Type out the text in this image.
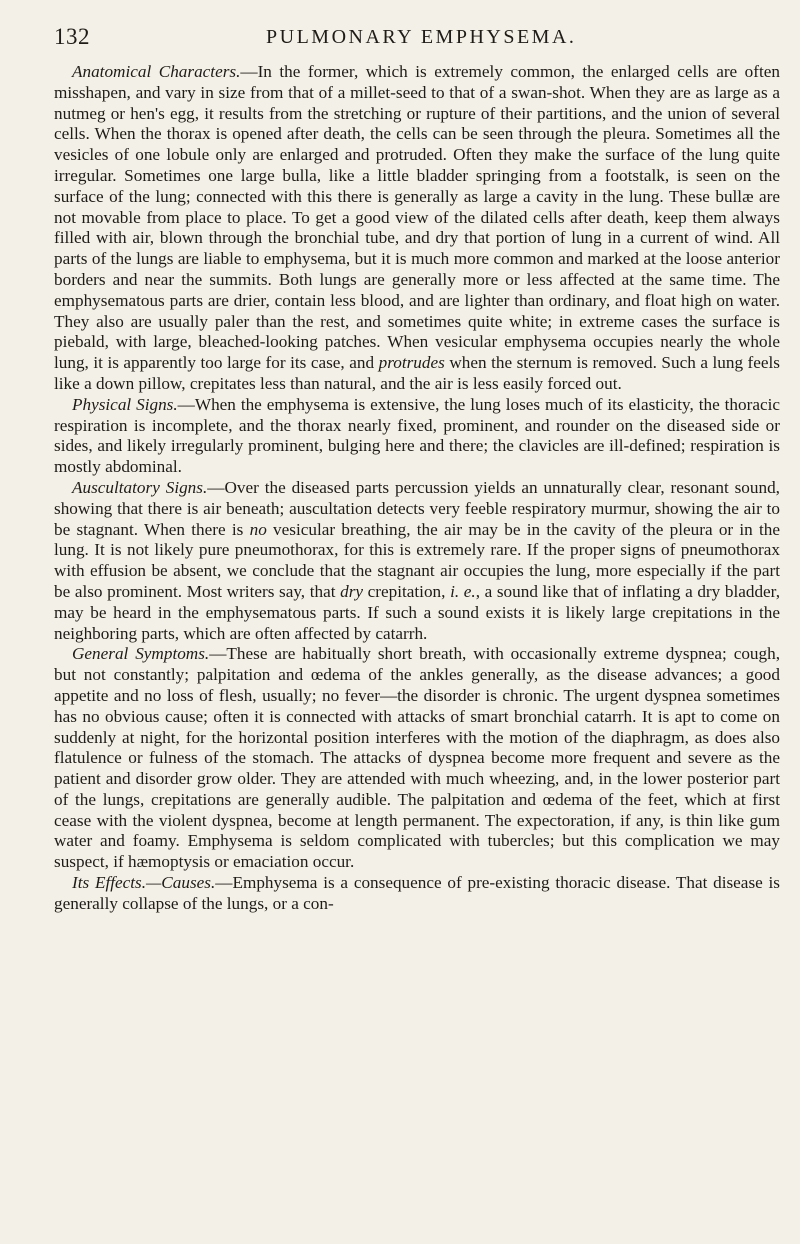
132	PULMONARY EMPHYSEMA.

Anatomical Characters.—In the former, which is extremely common, the enlarged cells are often misshapen, and vary in size from that of a millet-seed to that of a swan-shot. When they are as large as a nutmeg or hen's egg, it results from the stretching or rupture of their partitions, and the union of several cells. When the thorax is opened after death, the cells can be seen through the pleura. Sometimes all the vesicles of one lobule only are enlarged and protruded. Often they make the surface of the lung quite irregular. Sometimes one large bulla, like a little bladder springing from a footstalk, is seen on the surface of the lung; connected with this there is generally as large a cavity in the lung. These bullæ are not movable from place to place. To get a good view of the dilated cells after death, keep them always filled with air, blown through the bronchial tube, and dry that portion of lung in a current of wind. All parts of the lungs are liable to emphysema, but it is much more common and marked at the loose anterior borders and near the summits. Both lungs are generally more or less affected at the same time. The emphysematous parts are drier, contain less blood, and are lighter than ordinary, and float high on water. They also are usually paler than the rest, and sometimes quite white; in extreme cases the surface is piebald, with large, bleached-looking patches. When vesicular emphysema occupies nearly the whole lung, it is apparently too large for its case, and protrudes when the sternum is removed. Such a lung feels like a down pillow, crepitates less than natural, and the air is less easily forced out.

Physical Signs.—When the emphysema is extensive, the lung loses much of its elasticity, the thoracic respiration is incomplete, and the thorax nearly fixed, prominent, and rounder on the diseased side or sides, and likely irregularly prominent, bulging here and there; the clavicles are ill-defined; respiration is mostly abdominal.

Auscultatory Signs.—Over the diseased parts percussion yields an unnaturally clear, resonant sound, showing that there is air beneath; auscultation detects very feeble respiratory murmur, showing the air to be stagnant. When there is no vesicular breathing, the air may be in the cavity of the pleura or in the lung. It is not likely pure pneumothorax, for this is extremely rare. If the proper signs of pneumothorax with effusion be absent, we conclude that the stagnant air occupies the lung, more especially if the part be also prominent. Most writers say, that dry crepitation, i. e., a sound like that of inflating a dry bladder, may be heard in the emphysematous parts. If such a sound exists it is likely large crepitations in the neighboring parts, which are often affected by catarrh.

General Symptoms.—These are habitually short breath, with occasionally extreme dyspnea; cough, but not constantly; palpitation and œdema of the ankles generally, as the disease advances; a good appetite and no loss of flesh, usually; no fever—the disorder is chronic. The urgent dyspnea sometimes has no obvious cause; often it is connected with attacks of smart bronchial catarrh. It is apt to come on suddenly at night, for the horizontal position interferes with the motion of the diaphragm, as does also flatulence or fulness of the stomach. The attacks of dyspnea become more frequent and severe as the patient and disorder grow older. They are attended with much wheezing, and, in the lower posterior part of the lungs, crepitations are generally audible. The palpitation and œdema of the feet, which at first cease with the violent dyspnea, become at length permanent. The expectoration, if any, is thin like gum water and foamy. Emphysema is seldom complicated with tubercles; but this complication we may suspect, if hæmoptysis or emaciation occur.

Its Effects.—Causes.—Emphysema is a consequence of pre-existing thoracic disease. That disease is generally collapse of the lungs, or a con-
